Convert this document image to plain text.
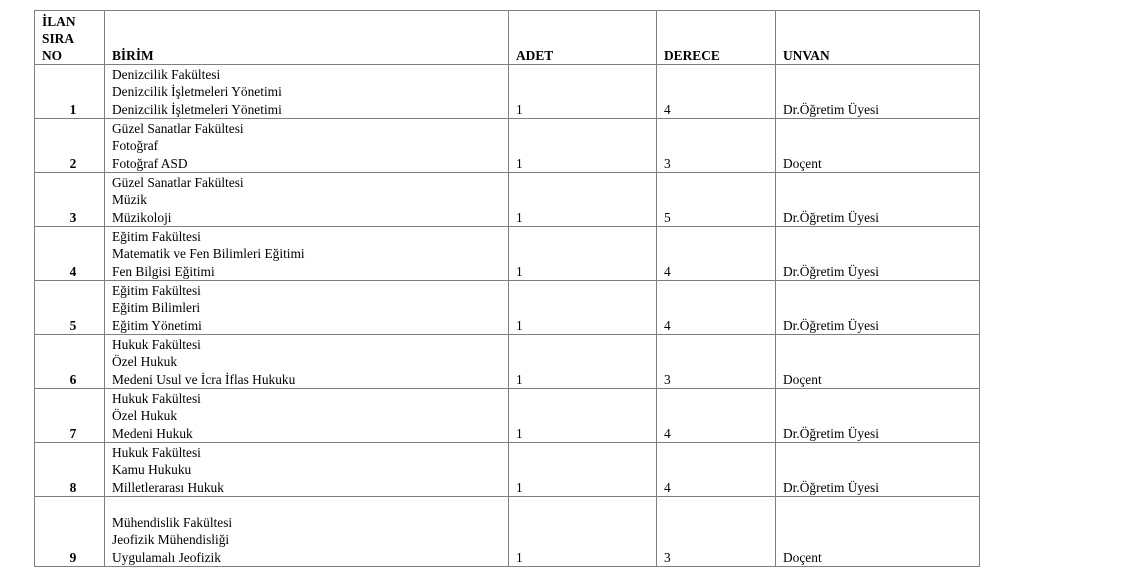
İLAN
SIRA
NO	BİRİM	ADET	DERECE	UNVAN
1	Denizcilik Fakültesi
Denizcilik İşletmeleri Yönetimi
Denizcilik İşletmeleri Yönetimi	1	4	Dr.Öğretim Üyesi
2	Güzel Sanatlar Fakültesi
Fotoğraf
Fotoğraf ASD	1	3	Doçent
3	Güzel Sanatlar Fakültesi
Müzik
Müzikoloji	1	5	Dr.Öğretim Üyesi
4	Eğitim Fakültesi
Matematik ve Fen Bilimleri Eğitimi
Fen Bilgisi Eğitimi	1	4	Dr.Öğretim Üyesi
5	Eğitim Fakültesi
Eğitim Bilimleri
Eğitim Yönetimi	1	4	Dr.Öğretim Üyesi
6	Hukuk Fakültesi
Özel Hukuk
Medeni Usul ve İcra İflas Hukuku	1	3	Doçent
7	Hukuk Fakültesi
Özel Hukuk
Medeni Hukuk	1	4	Dr.Öğretim Üyesi
8	Hukuk Fakültesi
Kamu Hukuku
Milletlerarası Hukuk	1	4	Dr.Öğretim Üyesi
9	Mühendislik Fakültesi
Jeofizik Mühendisliği
Uygulamalı Jeofizik	1	3	Doçent
